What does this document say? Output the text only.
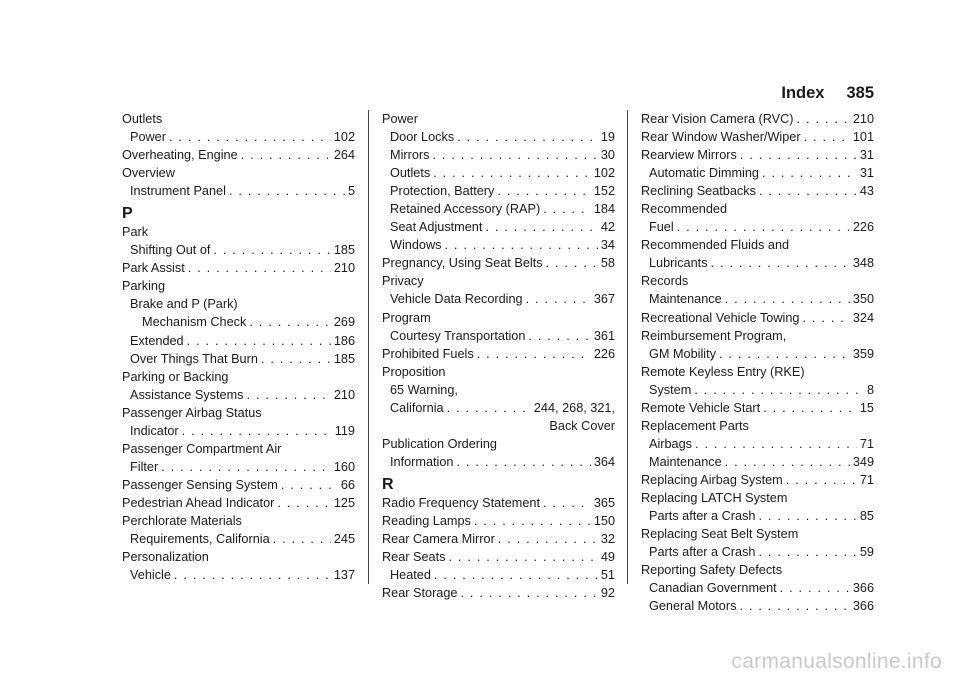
Index 385
Outlets
Power . . .	102
Overheating, Engine . . .	264
Overview
Instrument Panel . . .	5
P
Park
Shifting Out of . . .	185
Park Assist . . .	210
Parking
Brake and P (Park)
Mechanism Check . . .	269
Extended . . .	186
Over Things That Burn . . .	185
Parking or Backing
Assistance Systems . . .	210
Passenger Airbag Status
Indicator . . .	119
Passenger Compartment Air
Filter . . .	160
Passenger Sensing System . . .	66
Pedestrian Ahead Indicator . . .	125
Perchlorate Materials
Requirements, California . . .	245
Personalization
Vehicle . . .	137
Power
Door Locks . . .	19
Mirrors . . .	30
Outlets . . .	102
Protection, Battery . . .	152
Retained Accessory (RAP) . . .	184
Seat Adjustment . . .	42
Windows . . .	34
Pregnancy, Using Seat Belts . . .	58
Privacy
Vehicle Data Recording . . .	367
Program
Courtesy Transportation . . .	361
Prohibited Fuels . . .	226
Proposition
65 Warning,
California . . .	244, 268, 321,
Back Cover
Publication Ordering
Information . . .	364
R
Radio Frequency Statement . . .	365
Reading Lamps . . .	150
Rear Camera Mirror . . .	32
Rear Seats . . .	49
Heated . . .	51
Rear Storage . . .	92
Rear Vision Camera (RVC) . . .	210
Rear Window Washer/Wiper . . .	101
Rearview Mirrors . . .	31
Automatic Dimming . . .	31
Reclining Seatbacks . . .	43
Recommended
Fuel . . .	226
Recommended Fluids and
Lubricants . . .	348
Records
Maintenance . . .	350
Recreational Vehicle Towing . . .	324
Reimbursement Program,
GM Mobility . . .	359
Remote Keyless Entry (RKE)
System . . .	8
Remote Vehicle Start . . .	15
Replacement Parts
Airbags . . .	71
Maintenance . . .	349
Replacing Airbag System . . .	71
Replacing LATCH System
Parts after a Crash . . .	85
Replacing Seat Belt System
Parts after a Crash . . .	59
Reporting Safety Defects
Canadian Government . . .	366
General Motors . . .	366
carmanualsonline.info
